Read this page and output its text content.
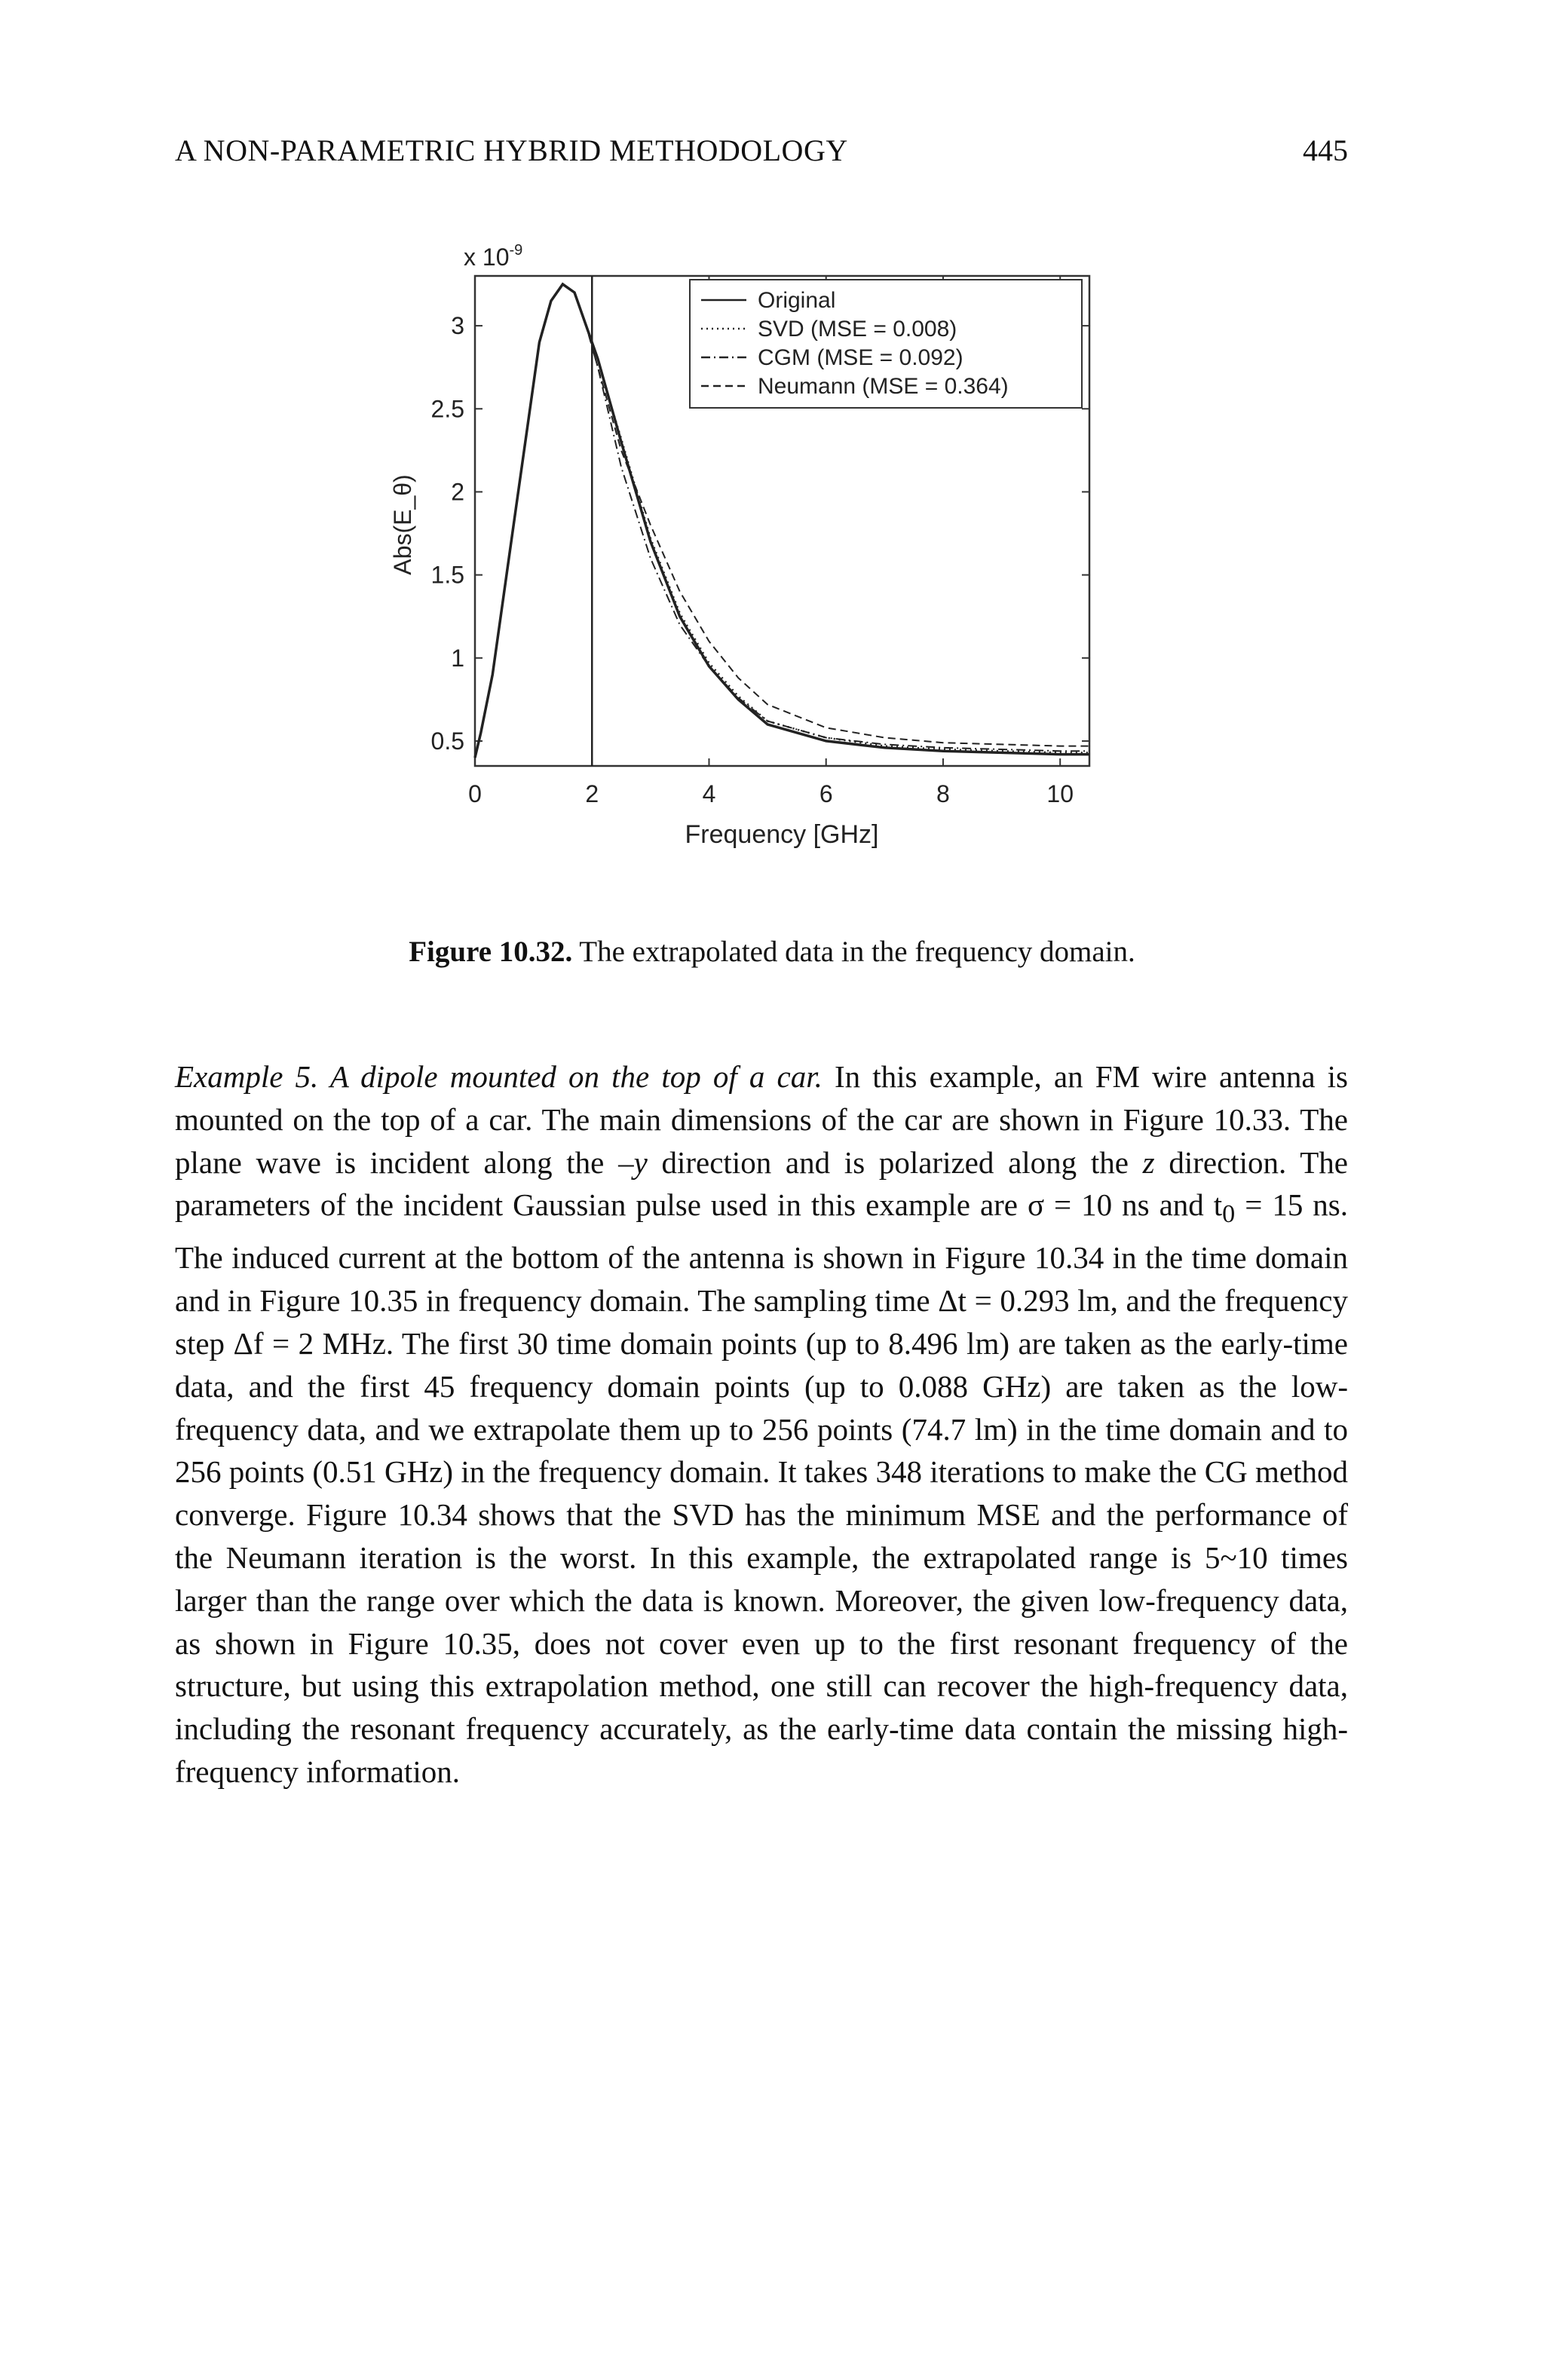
A NON-PARAMETRIC HYBRID METHODOLOGY	445
x $10^{-9}$
Abs(E_θ)
Frequency [GHz]
0	2	4	6	8	10
0.5
1
1.5
2
2.5
3
Original
SVD (MSE = 0.008)
CGM (MSE = 0.092)
Neumann (MSE = 0.364)
Figure 10.32. The extrapolated data in the frequency domain.
Example 5. A dipole mounted on the top of a car. In this example, an FM wire antenna is mounted on the top of a car. The main dimensions of the car are shown in Figure 10.33. The plane wave is incident along the –y direction and is polarized along the z direction. The parameters of the incident Gaussian pulse used in this example are σ = 10 ns and $t_0 = 15$ ns. The induced current at the bottom of the antenna is shown in Figure 10.34 in the time domain and in Figure 10.35 in frequency domain. The sampling time Δt = 0.293 lm, and the frequency step Δf = 2 MHz. The first 30 time domain points (up to 8.496 lm) are taken as the early-time data, and the first 45 frequency domain points (up to 0.088 GHz) are taken as the low-frequency data, and we extrapolate them up to 256 points (74.7 lm) in the time domain and to 256 points (0.51 GHz) in the frequency domain. It takes 348 iterations to make the CG method converge. Figure 10.34 shows that the SVD has the minimum MSE and the performance of the Neumann iteration is the worst. In this example, the extrapolated range is 5~10 times larger than the range over which the data is known. Moreover, the given low-frequency data, as shown in Figure 10.35, does not cover even up to the first resonant frequency of the structure, but using this extrapolation method, one still can recover the high-frequency data, including the resonant frequency accurately, as the early-time data contain the missing high-frequency information.
